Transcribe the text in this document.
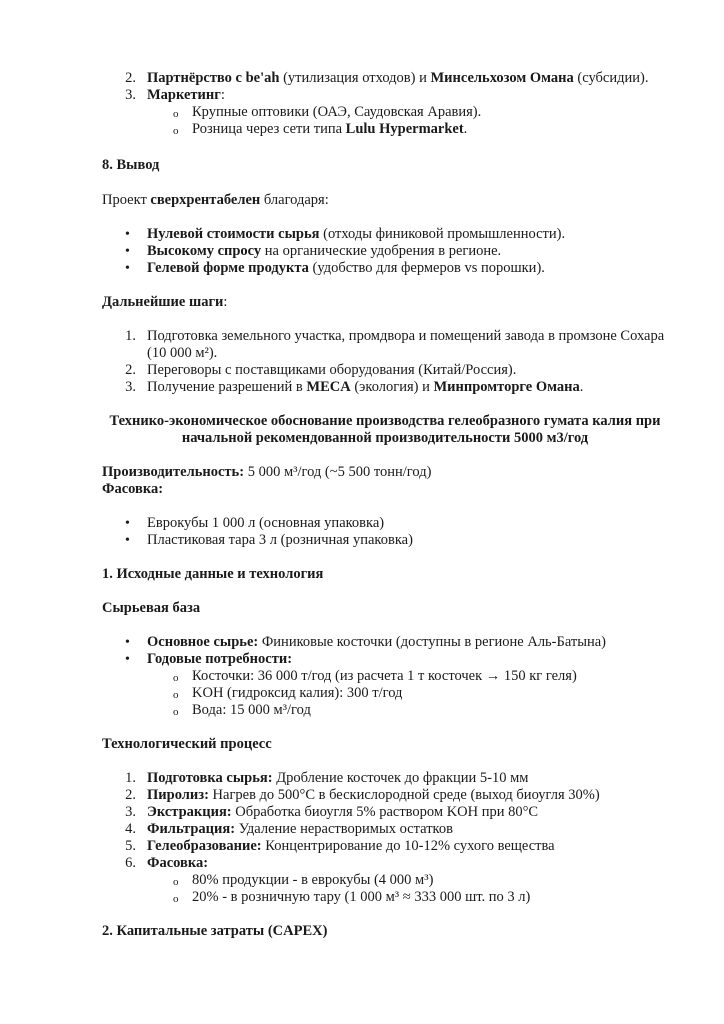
2. Партнёрство с be'ah (утилизация отходов) и Минсельхозом Омана (субсидии).
3. Маркетинг:
o Крупные оптовики (ОАЭ, Саудовская Аравия).
o Розница через сети типа Lulu Hypermarket.
8. Вывод
Проект сверхрентабелен благодаря:
• Нулевой стоимости сырья (отходы финиковой промышленности).
• Высокому спросу на органические удобрения в регионе.
• Гелевой форме продукта (удобство для фермеров vs порошки).
Дальнейшие шаги:
1. Подготовка земельного участка, промдвора и помещений завода в промзоне Сохара
(10 000 м²).
2. Переговоры с поставщиками оборудования (Китай/Россия).
3. Получение разрешений в MECA (экология) и Минпромторге Омана.
Технико-экономическое обоснование производства гелеобразного гумата калия при
начальной рекомендованной производительности 5000 м3/год
Производительность: 5 000 м³/год (~5 500 тонн/год)
Фасовка:
• Еврокубы 1 000 л (основная упаковка)
• Пластиковая тара 3 л (розничная упаковка)
1. Исходные данные и технология
Сырьевая база
• Основное сырье: Финиковые косточки (доступны в регионе Аль-Батына)
• Годовые потребности:
o Косточки: 36 000 т/год (из расчета 1 т косточек → 150 кг геля)
o KOH (гидроксид калия): 300 т/год
o Вода: 15 000 м³/год
Технологический процесс
1. Подготовка сырья: Дробление косточек до фракции 5-10 мм
2. Пиролиз: Нагрев до 500°C в бескислородной среде (выход биоугля 30%)
3. Экстракция: Обработка биоугля 5% раствором KOH при 80°C
4. Фильтрация: Удаление нерастворимых остатков
5. Гелеобразование: Концентрирование до 10-12% сухого вещества
6. Фасовка:
o 80% продукции - в еврокубы (4 000 м³)
o 20% - в розничную тару (1 000 м³ ≈ 333 000 шт. по 3 л)
2. Капитальные затраты (CAPEX)
